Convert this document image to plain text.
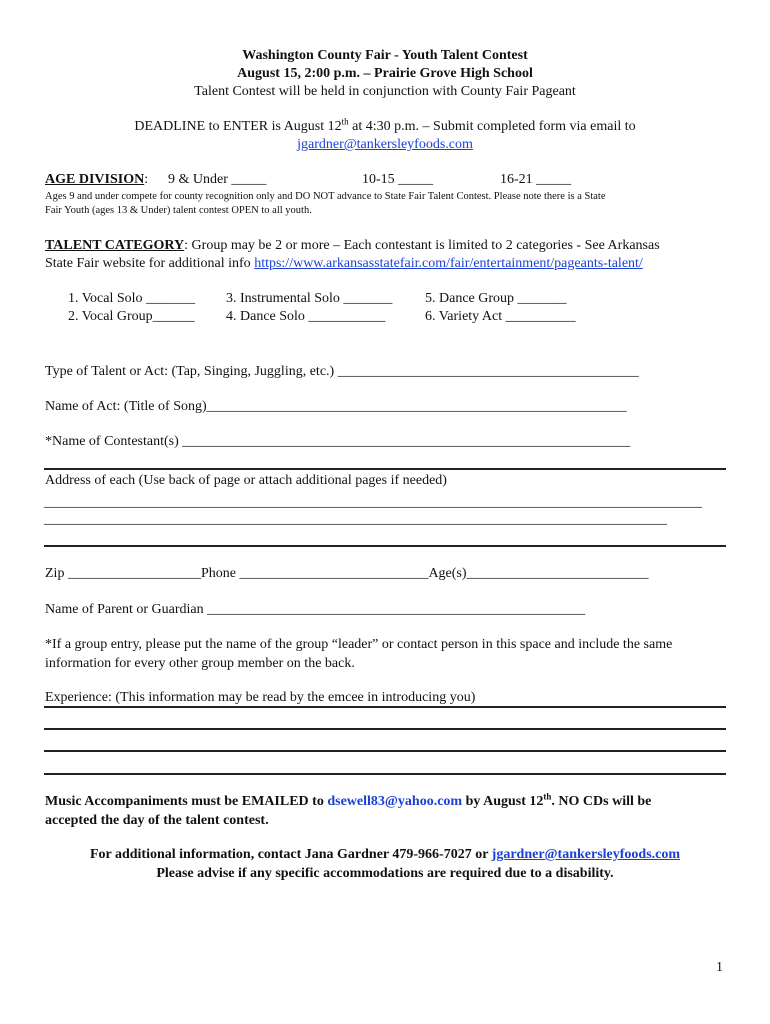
Washington County Fair - Youth Talent Contest
August 15, 2:00 p.m. – Prairie Grove High School
Talent Contest will be held in conjunction with County Fair Pageant
DEADLINE to ENTER is August 12th at 4:30 p.m. – Submit completed form via email to
jgardner@tankersleyfoods.com
AGE DIVISION: 9 & Under _____	10-15 _____	16-21 _____
Ages 9 and under compete for county recognition only and DO NOT advance to State Fair Talent Contest. Please note there is a State
Fair Youth (ages 13 & Under) talent contest OPEN to all youth.
TALENT CATEGORY: Group may be 2 or more – Each contestant is limited to 2 categories - See Arkansas
State Fair website for additional info https://www.arkansasstatefair.com/fair/entertainment/pageants-talent/
1. Vocal Solo _______ 3. Instrumental Solo _______ 5. Dance Group _______
2. Vocal Group______ 4. Dance Solo ___________	6. Variety Act __________
Type of Talent or Act: (Tap, Singing, Juggling, etc.) ___________________________________________
Name of Act: (Title of Song)____________________________________________________________
*Name of Contestant(s) ________________________________________________________________
Address of each (Use back of page or attach additional pages if needed)
______________________________________________________________________________________________
_________________________________________________________________________________________
Zip ___________________Phone ___________________________Age(s)__________________________
Name of Parent or Guardian ______________________________________________________
*If a group entry, please put the name of the group “leader” or contact person in this space and include the same
information for every other group member on the back.
Experience: (This information may be read by the emcee in introducing you)
Music Accompaniments must be EMAILED to dsewell83@yahoo.com by August 12th. NO CDs will be
accepted the day of the talent contest.
For additional information, contact Jana Gardner 479-966-7027 or jgardner@tankersleyfoods.com
Please advise if any specific accommodations are required due to a disability.
1
